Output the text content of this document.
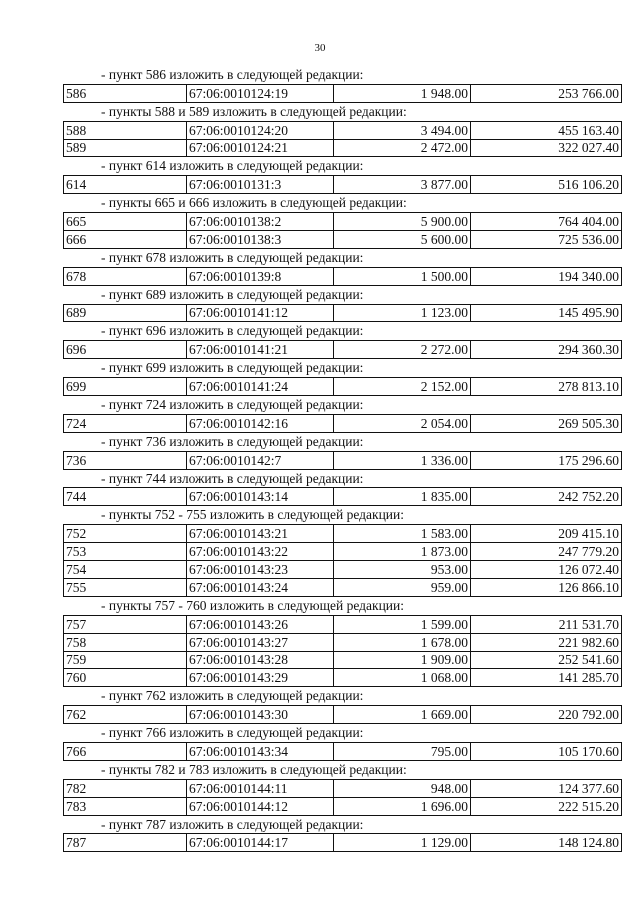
30
- пункт 586 изложить в следующей редакции:
586	67:06:0010124:19	1 948.00	253 766.00
- пункты 588 и 589 изложить в следующей редакции:
588	67:06:0010124:20	3 494.00	455 163.40
589	67:06:0010124:21	2 472.00	322 027.40
- пункт 614 изложить в следующей редакции:
614	67:06:0010131:3	3 877.00	516 106.20
- пункты 665 и 666 изложить в следующей редакции:
665	67:06:0010138:2	5 900.00	764 404.00
666	67:06:0010138:3	5 600.00	725 536.00
- пункт 678 изложить в следующей редакции:
678	67:06:0010139:8	1 500.00	194 340.00
- пункт 689 изложить в следующей редакции:
689	67:06:0010141:12	1 123.00	145 495.90
- пункт 696 изложить в следующей редакции:
696	67:06:0010141:21	2 272.00	294 360.30
- пункт 699 изложить в следующей редакции:
699	67:06:0010141:24	2 152.00	278 813.10
- пункт 724 изложить в следующей редакции:
724	67:06:0010142:16	2 054.00	269 505.30
- пункт 736 изложить в следующей редакции:
736	67:06:0010142:7	1 336.00	175 296.60
- пункт 744 изложить в следующей редакции:
744	67:06:0010143:14	1 835.00	242 752.20
- пункты 752 - 755 изложить в следующей редакции:
752	67:06:0010143:21	1 583.00	209 415.10
753	67:06:0010143:22	1 873.00	247 779.20
754	67:06:0010143:23	953.00	126 072.40
755	67:06:0010143:24	959.00	126 866.10
- пункты 757 - 760 изложить в следующей редакции:
757	67:06:0010143:26	1 599.00	211 531.70
758	67:06:0010143:27	1 678.00	221 982.60
759	67:06:0010143:28	1 909.00	252 541.60
760	67:06:0010143:29	1 068.00	141 285.70
- пункт 762 изложить в следующей редакции:
762	67:06:0010143:30	1 669.00	220 792.00
- пункт 766 изложить в следующей редакции:
766	67:06:0010143:34	795.00	105 170.60
- пункты 782 и 783 изложить в следующей редакции:
782	67:06:0010144:11	948.00	124 377.60
783	67:06:0010144:12	1 696.00	222 515.20
- пункт 787 изложить в следующей редакции:
787	67:06:0010144:17	1 129.00	148 124.80
